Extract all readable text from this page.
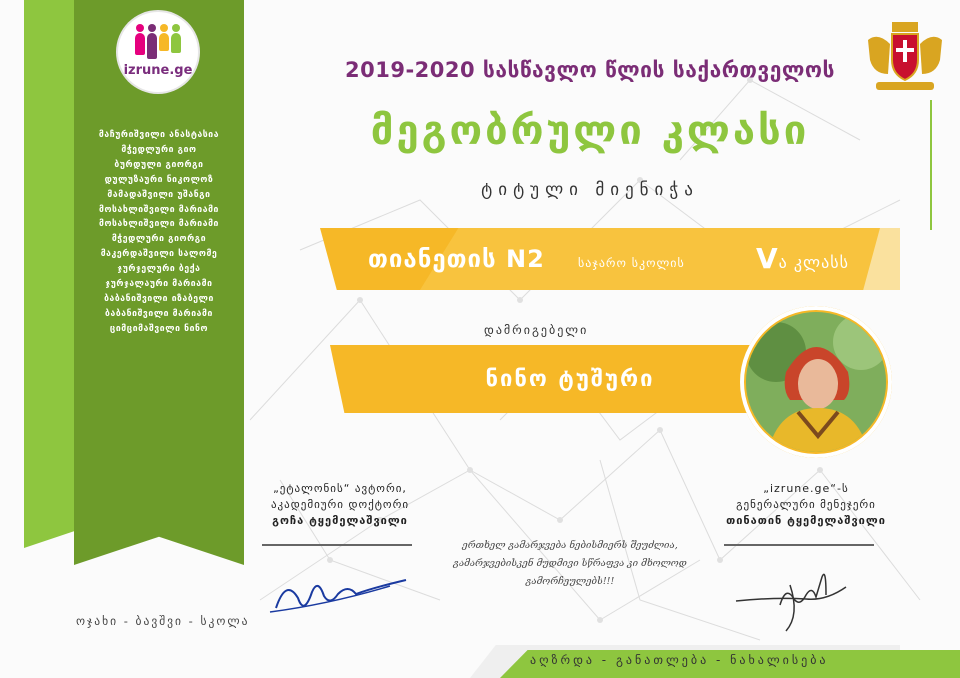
izrune.ge
მაჩურიშვილი ანასტასია
მჭედლური გიო
ბურდული გიორგი
დულუზაური ნიკოლოზ
მამადაშვილი უშანგი
მოსახლიშვილი მარიამი
მოსახლიშვილი მარიამი
მჭედლური გიორგი
მაკერდაშვილი სალომე
ჯურჯელური ბექა
ჯურჯალაური მარიამი
ბაბანიშვილი იზაბელი
ბაბანიშვილი მარიამი
ციმციმაშვილი ნინო
ოჯახი - ბავშვი - სკოლა
2019-2020 სასწავლო წლის საქართველოს
მეგობრული კლასი
ტიტული მიენიჭა
თიანეთის N2	საჯარო სკოლის	Vა კლასს
დამრიგებელი
ნინო ტუშური
„ეტალონის“ ავტორი,
აკადემიური დოქტორი
გოჩა ტყემელაშვილი
„izrune.ge“-ს
გენერალური მენეჯერი
თინათინ ტყემელაშვილი
ერთხელ გამარჯვება ნებისმიერს შეუძლია,
გამარჯვებისკენ მუდმივი სწრაფვა კი მხოლოდ გამორჩეულებს!!!
აღზრდა - განათლება - ნახალისება
